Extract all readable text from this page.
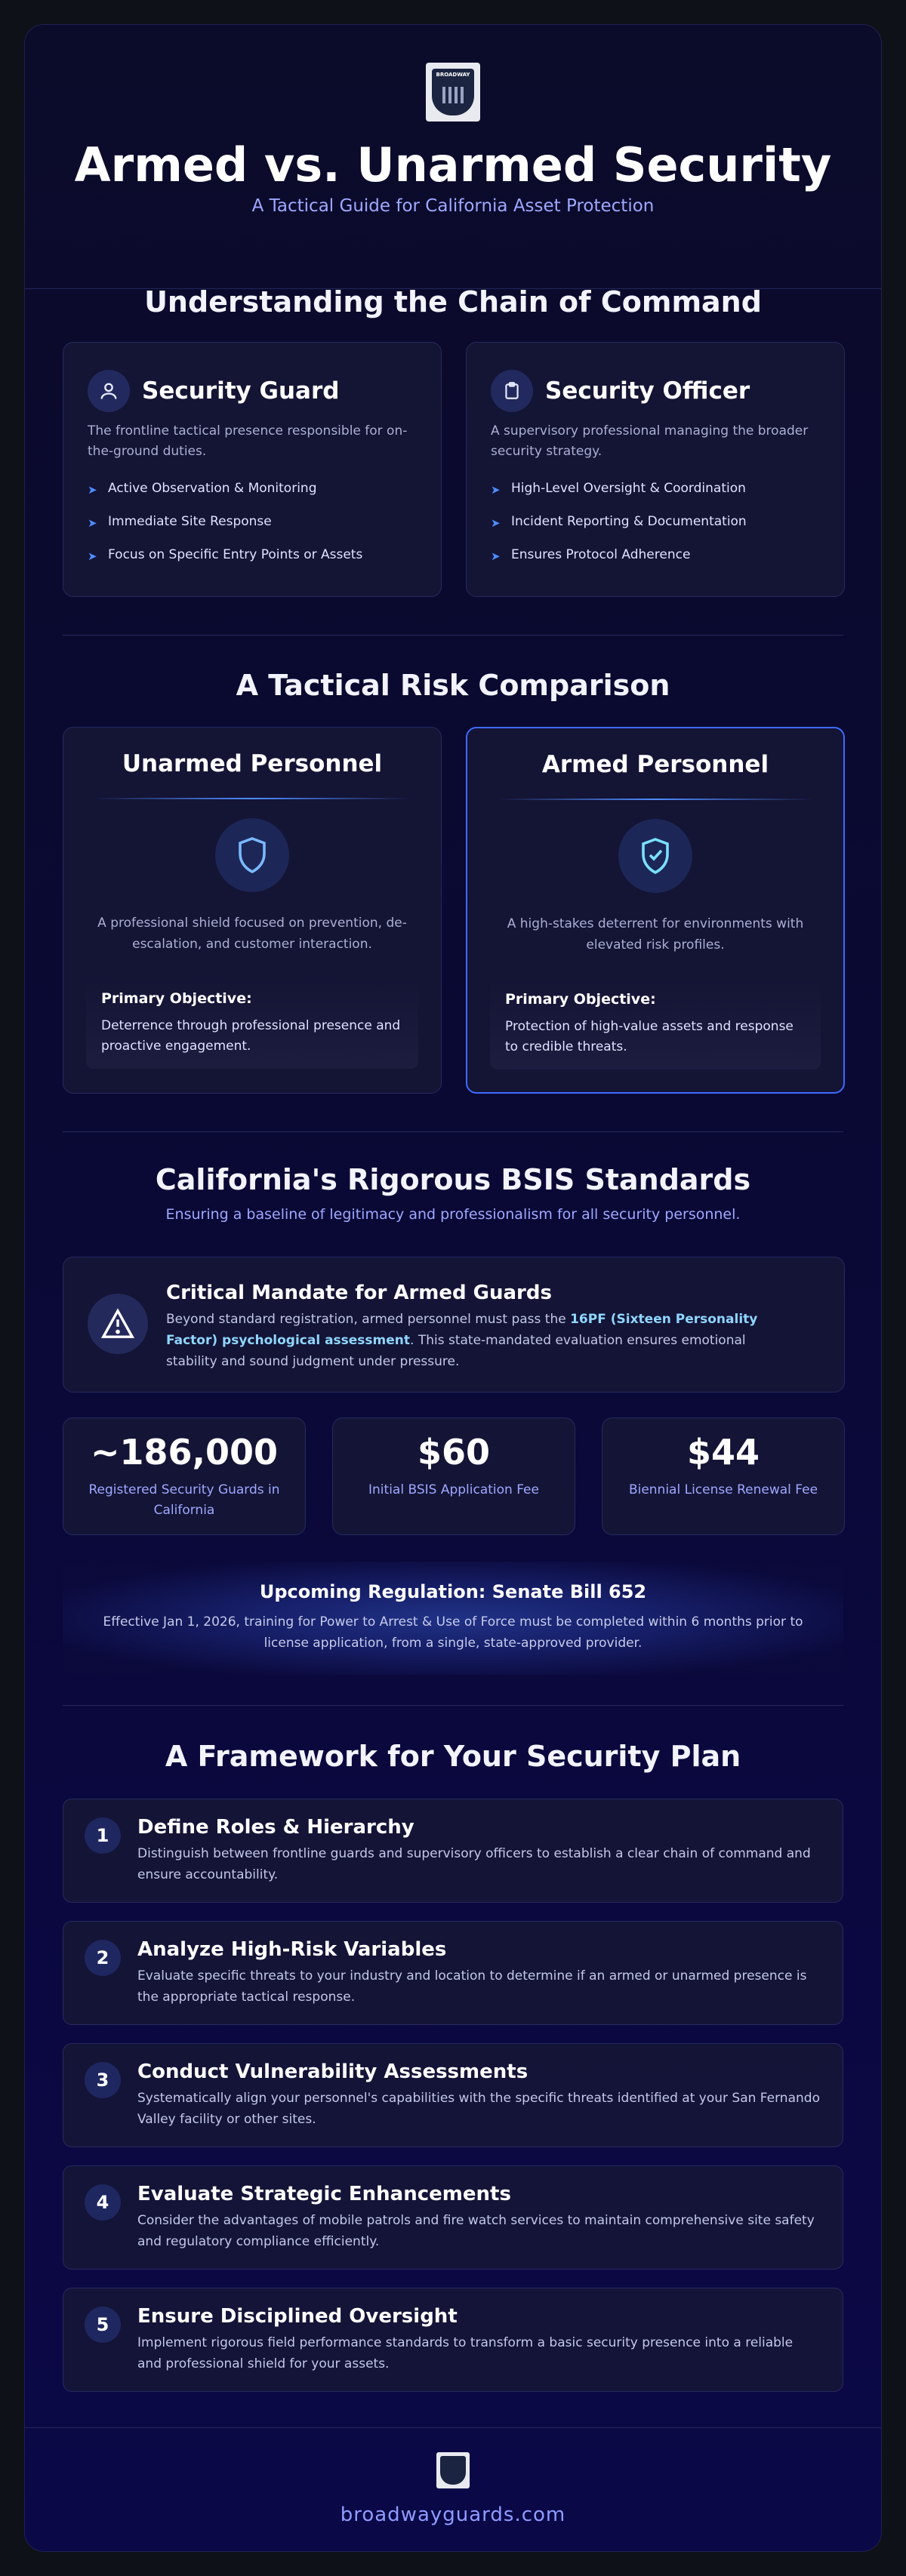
BROADWAY
Armed vs. Unarmed Security
A Tactical Guide for California Asset Protection
Understanding the Chain of Command
Security Guard
The frontline tactical presence responsible for on-the-ground duties.
➤ Active Observation & Monitoring
➤ Immediate Site Response
➤ Focus on Specific Entry Points or Assets
Security Officer
A supervisory professional managing the broader security strategy.
➤ High-Level Oversight & Coordination
➤ Incident Reporting & Documentation
➤ Ensures Protocol Adherence
A Tactical Risk Comparison
Unarmed Personnel
A professional shield focused on prevention, de-escalation, and customer interaction.
Primary Objective:
Deterrence through professional presence and proactive engagement.
Armed Personnel
A high-stakes deterrent for environments with elevated risk profiles.
Primary Objective:
Protection of high-value assets and response to credible threats.
California's Rigorous BSIS Standards
Ensuring a baseline of legitimacy and professionalism for all security personnel.
Critical Mandate for Armed Guards
Beyond standard registration, armed personnel must pass the 16PF (Sixteen Personality Factor) psychological assessment. This state-mandated evaluation ensures emotional stability and sound judgment under pressure.
~186,000
Registered Security Guards in California
$60
Initial BSIS Application Fee
$44
Biennial License Renewal Fee
Upcoming Regulation: Senate Bill 652
Effective Jan 1, 2026, training for Power to Arrest & Use of Force must be completed within 6 months prior to license application, from a single, state-approved provider.
A Framework for Your Security Plan
1	Define Roles & Hierarchy
Distinguish between frontline guards and supervisory officers to establish a clear chain of command and ensure accountability.
2	Analyze High-Risk Variables
Evaluate specific threats to your industry and location to determine if an armed or unarmed presence is the appropriate tactical response.
3	Conduct Vulnerability Assessments
Systematically align your personnel's capabilities with the specific threats identified at your San Fernando Valley facility or other sites.
4	Evaluate Strategic Enhancements
Consider the advantages of mobile patrols and fire watch services to maintain comprehensive site safety and regulatory compliance efficiently.
5	Ensure Disciplined Oversight
Implement rigorous field performance standards to transform a basic security presence into a reliable and professional shield for your assets.
broadwayguards.com
